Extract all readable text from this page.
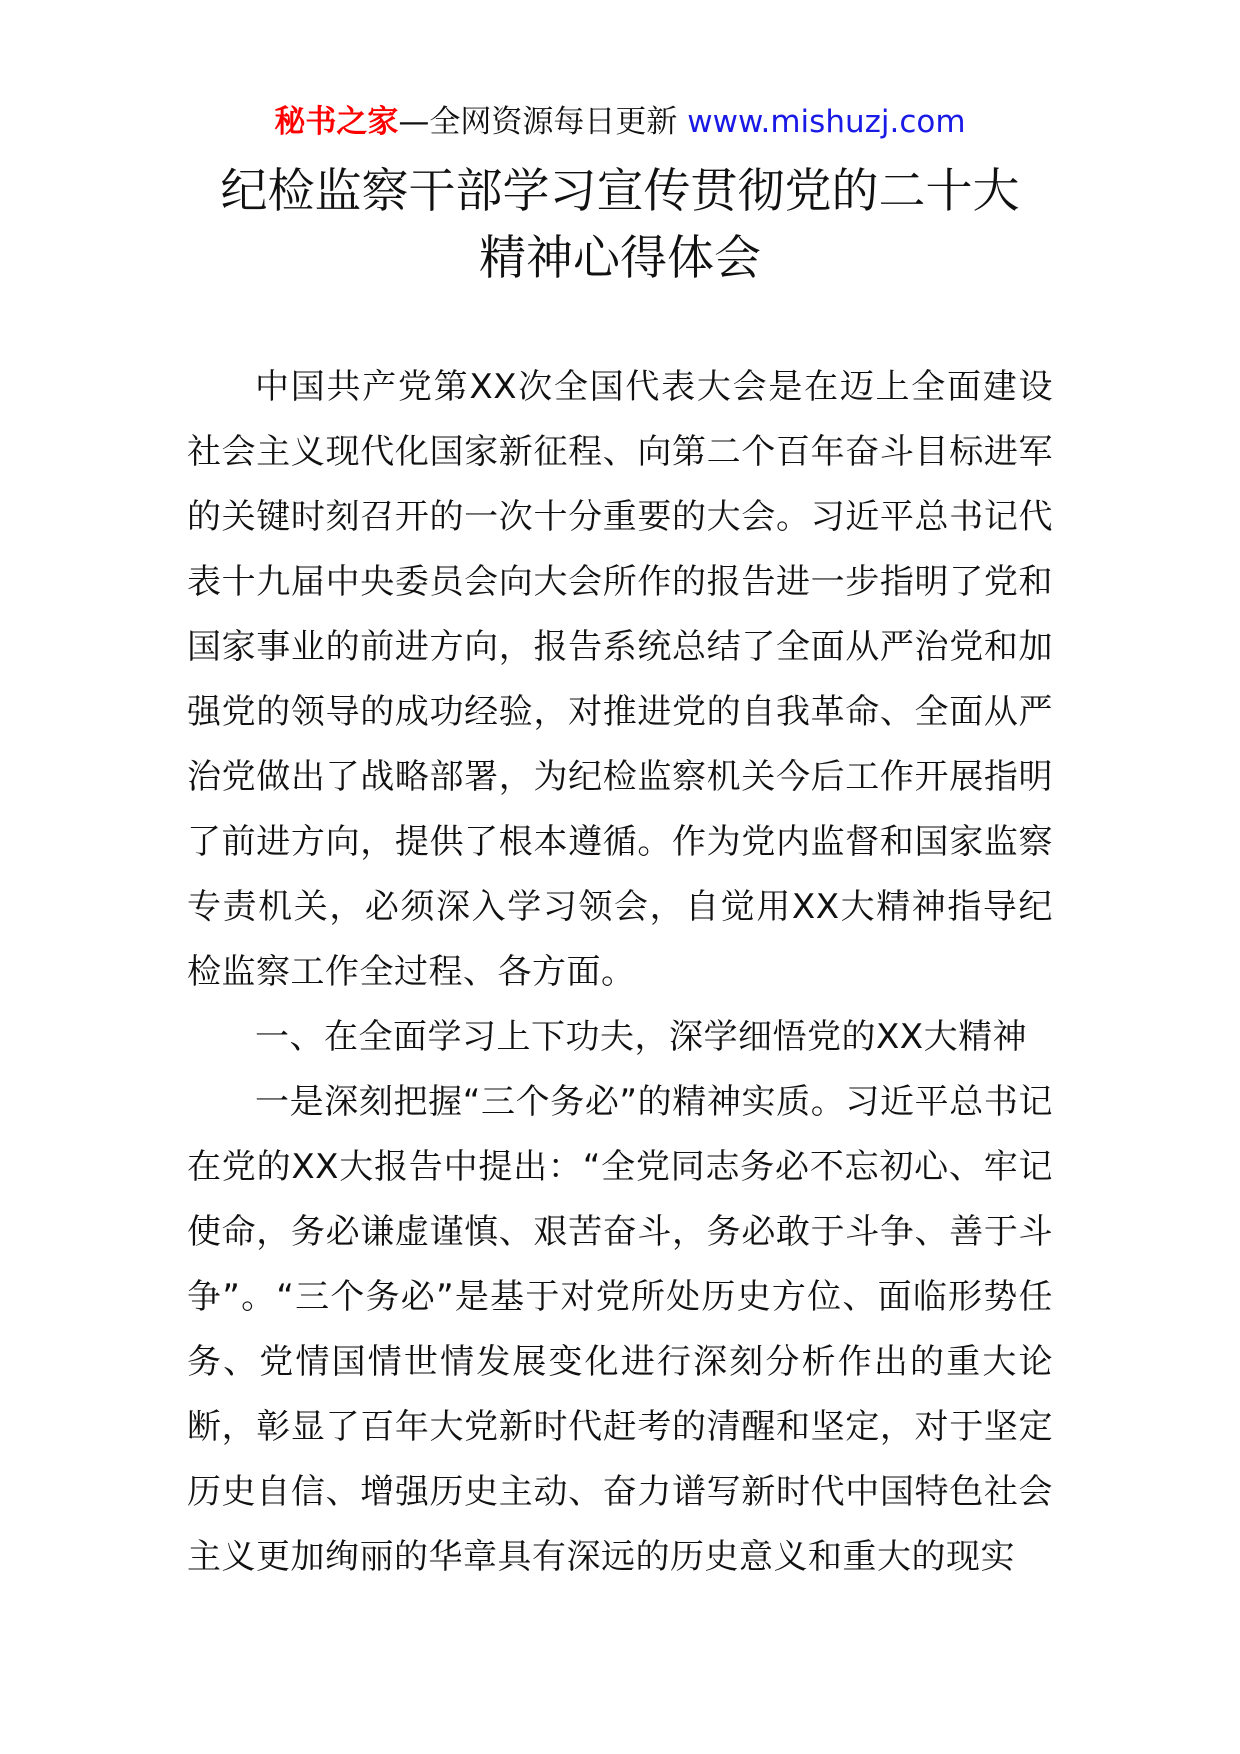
秘书之家—全网资源每日更新 www.mishuzj.com
纪检监察干部学习宣传贯彻党的二十大
精神心得体会

中国共产党第XX次全国代表大会是在迈上全面建设社会主义现代化国家新征程、向第二个百年奋斗目标进军的关键时刻召开的一次十分重要的大会。习近平总书记代表十九届中央委员会向大会所作的报告进一步指明了党和国家事业的前进方向，报告系统总结了全面从严治党和加强党的领导的成功经验，对推进党的自我革命、全面从严治党做出了战略部署，为纪检监察机关今后工作开展指明了前进方向，提供了根本遵循。作为党内监督和国家监察专责机关，必须深入学习领会，自觉用XX大精神指导纪检监察工作全过程、各方面。

一、在全面学习上下功夫，深学细悟党的XX大精神

一是深刻把握“三个务必”的精神实质。习近平总书记在党的XX大报告中提出：“全党同志务必不忘初心、牢记使命，务必谦虚谨慎、艰苦奋斗，务必敢于斗争、善于斗争”。“三个务必”是基于对党所处历史方位、面临形势任务、党情国情世情发展变化进行深刻分析作出的重大论断，彰显了百年大党新时代赶考的清醒和坚定，对于坚定历史自信、增强历史主动、奋力谱写新时代中国特色社会主义更加绚丽的华章具有深远的历史意义和重大的现实
